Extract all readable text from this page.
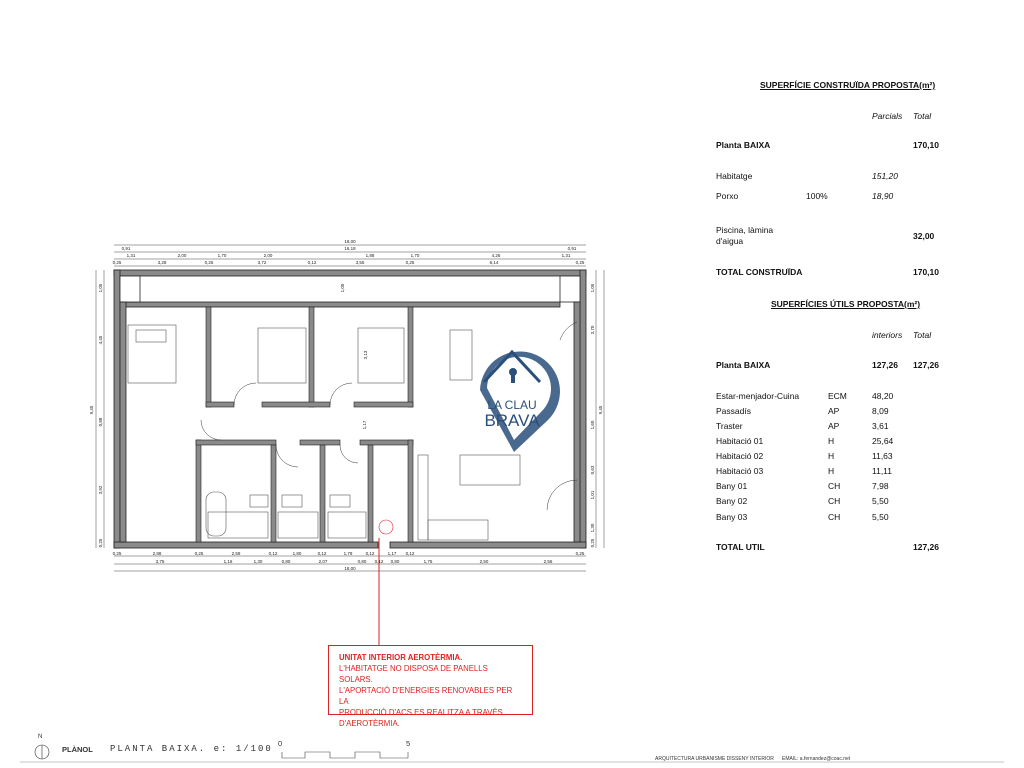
SUPERFÍCIE CONSTRUÏDA PROPOSTA(m²)
Parcials Total
Planta BAIXA	170,10
Habitatge	151,20
Porxo	100%	18,90
Piscina, làmina
d'aigua	32,00
TOTAL CONSTRUÏDA	170,10
SUPERFÍCIES ÚTILS PROPOSTA(m²)
interiors Total
Planta BAIXA	127,26 127,26
Estar-menjador-Cuina	ECM	48,20
Passadís	AP	8,09
Traster	AP	3,61
Habitació 01	H	25,64
Habitació 02	H	11,63
Habitació 03	H	11,11
Bany 01	CH	7,98
Bany 02	CH	5,50
Bany 03	CH	5,50
TOTAL UTIL	127,26
LA CLAU
BRAVA
18,00
16,18
0,91	0,91
1,31	2,00	1,70	2,00	1,88	1,70	4,26	1,31
0,25	3,28	0,25	3,72	0,12	3,55	0,25	6,14	0,25
0,25	2,88	0,25	2,59	0,12	1,80	0,12	1,79	0,12	1,17 0,12	0,25
3,75	1,16	1,30	0,80	2,07	0,80 0,12 0,80	1,75	2,50	2,56
18,00
9,45
1,05
4,45
0,88
3,92
0,25
9,45
1,05
3,70
1,60
0,63
1,01
1,30
0,25
1,17
3,13
1,05
UNITAT INTERIOR AEROTÈRMIA.
L'HABITATGE NO DISPOSA DE PANELLS SOLARS.
L'APORTACIÓ D'ENERGIES RENOVABLES PER LA
PRODUCCIÓ D'ACS ES REALITZA A TRAVÉS
D'AEROTÈRMIA.
N
PLÀNOL PLANTA BAIXA. e: 1/100
0	5
ARQUITECTURA URBANISME DISSENY INTERIOR EMAIL: a.fernandez@coac.net
